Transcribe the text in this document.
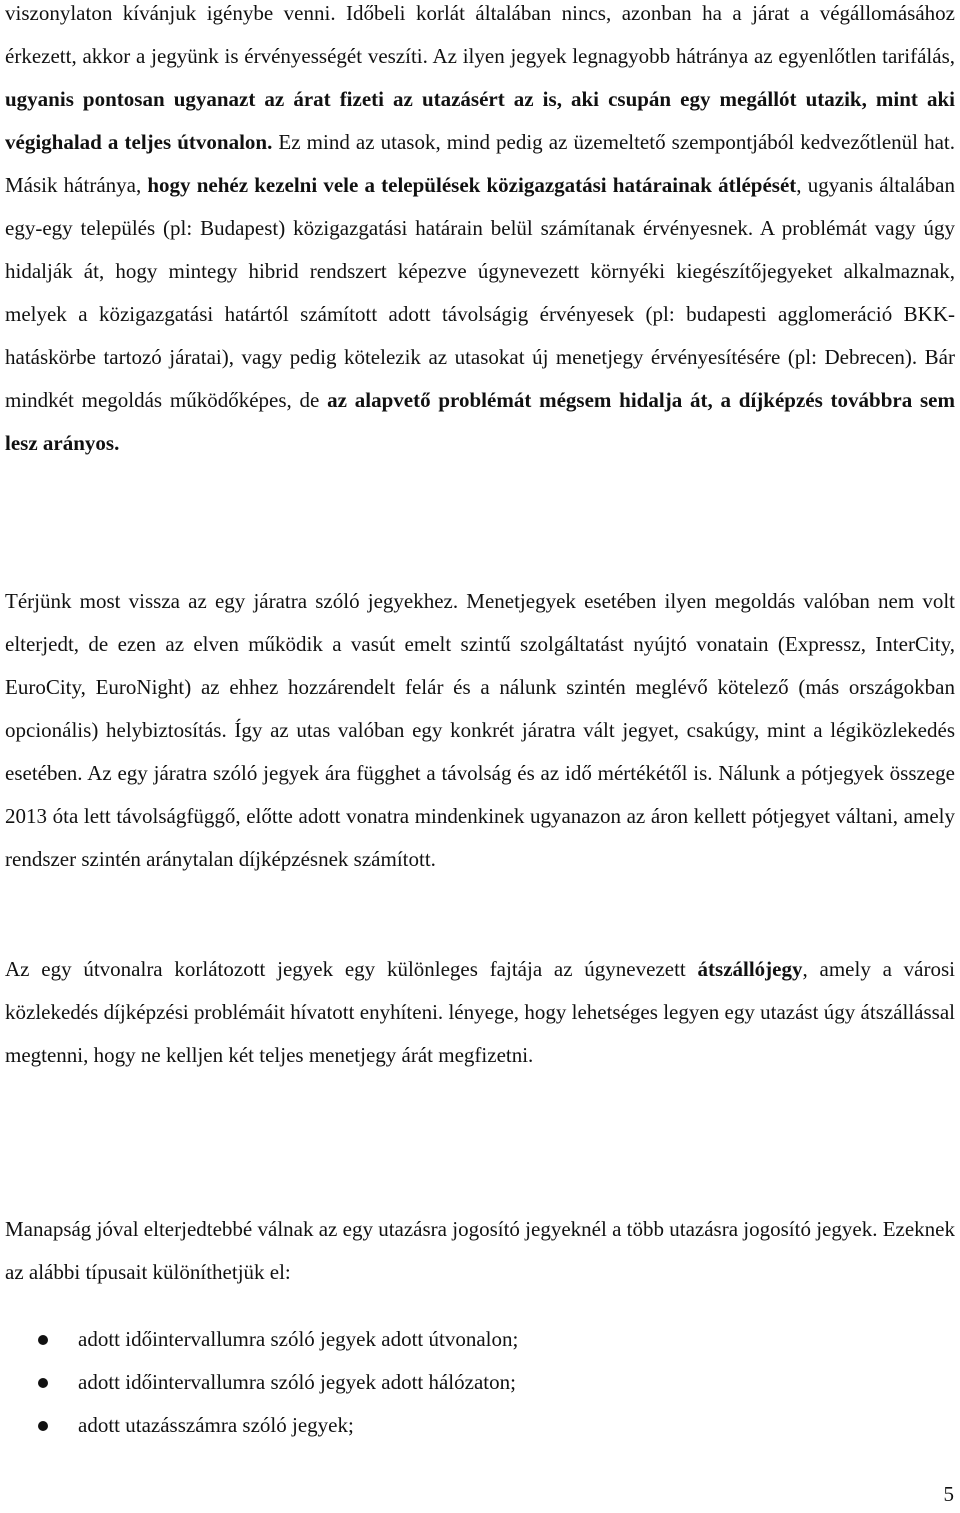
viszonylaton kívánjuk igénybe venni. Időbeli korlát általában nincs, azonban ha a járat a végállomásához érkezett, akkor a jegyünk is érvényességét veszíti. Az ilyen jegyek legnagyobb hátránya az egyenlőtlen tarifálás, ugyanis pontosan ugyanazt az árat fizeti az utazásért az is, aki csupán egy megállót utazik, mint aki végighalad a teljes útvonalon. Ez mind az utasok, mind pedig az üzemeltető szempontjából kedvezőtlenül hat. Másik hátránya, hogy nehéz kezelni vele a települések közigazgatási határainak átlépését, ugyanis általában egy-egy település (pl: Budapest) közigazgatási határain belül számítanak érvényesnek. A problémát vagy úgy hidalják át, hogy mintegy hibrid rendszert képezve úgynevezett környéki kiegészítőjegyeket alkalmaznak, melyek a közigazgatási határtól számított adott távolságig érvényesek (pl: budapesti agglomeráció BKK-hatáskörbe tartozó járatai), vagy pedig kötelezik az utasokat új menetjegy érvényesítésére (pl: Debrecen). Bár mindkét megoldás működőképes, de az alapvető problémát mégsem hidalja át, a díjképzés továbbra sem lesz arányos.

Térjünk most vissza az egy járatra szóló jegyekhez. Menetjegyek esetében ilyen megoldás valóban nem volt elterjedt, de ezen az elven működik a vasút emelt szintű szolgáltatást nyújtó vonatain (Expressz, InterCity, EuroCity, EuroNight) az ehhez hozzárendelt felár és a nálunk szintén meglévő kötelező (más országokban opcionális) helybiztosítás. Így az utas valóban egy konkrét járatra vált jegyet, csakúgy, mint a légiközlekedés esetében. Az egy járatra szóló jegyek ára függhet a távolság és az idő mértékétől is. Nálunk a pótjegyek összege 2013 óta lett távolságfüggő, előtte adott vonatra mindenkinek ugyanazon az áron kellett pótjegyet váltani, amely rendszer szintén aránytalan díjképzésnek számított.

Az egy útvonalra korlátozott jegyek egy különleges fajtája az úgynevezett átszállójegy, amely a városi közlekedés díjképzési problémáit hívatott enyhíteni. lényege, hogy lehetséges legyen egy utazást úgy átszállással megtenni, hogy ne kelljen két teljes menetjegy árát megfizetni.

Manapság jóval elterjedtebbé válnak az egy utazásra jogosító jegyeknél a több utazásra jogosító jegyek. Ezeknek az alábbi típusait különíthetjük el:

adott időintervallumra szóló jegyek adott útvonalon;
adott időintervallumra szóló jegyek adott hálózaton;
adott utazásszámra szóló jegyek;
5
